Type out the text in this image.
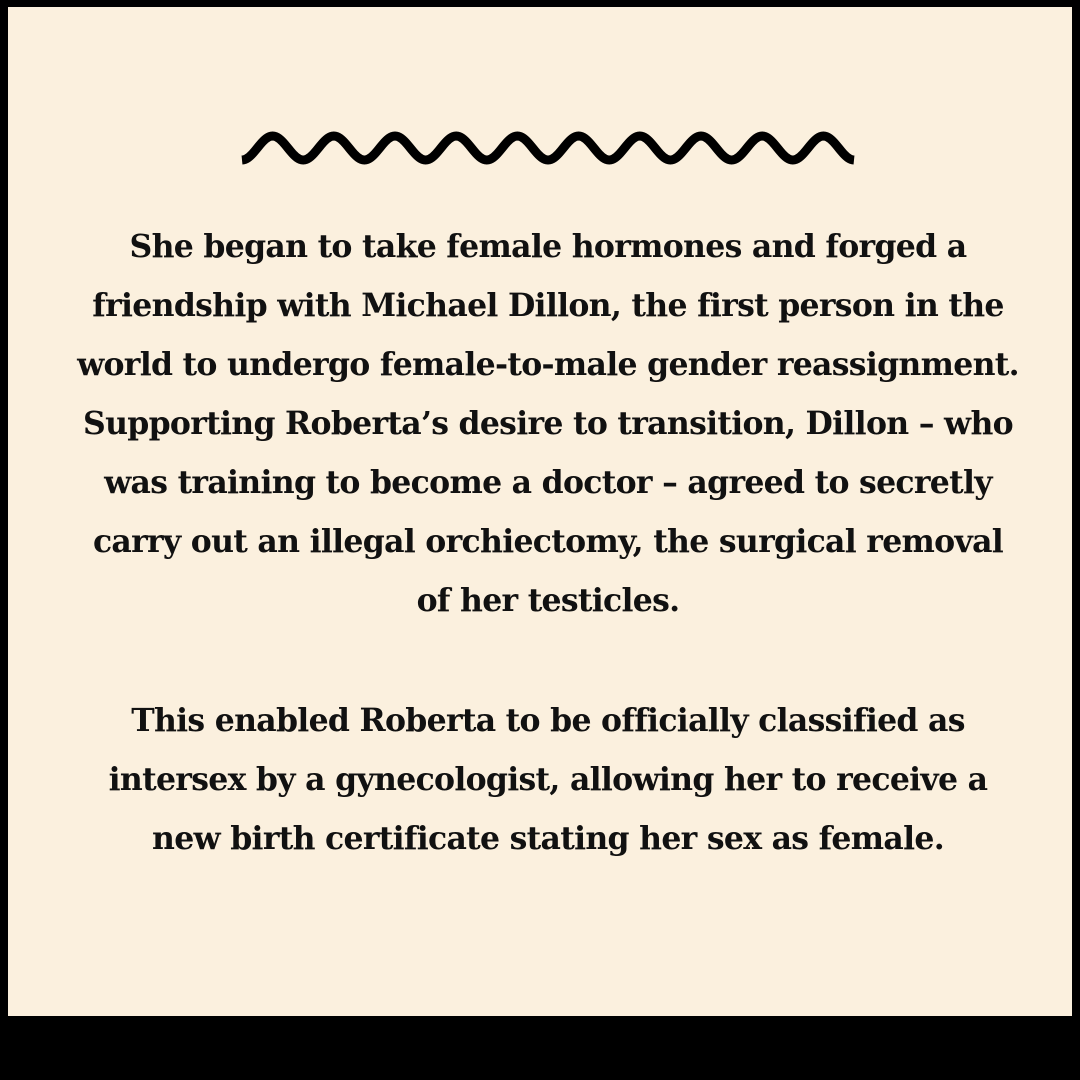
She began to take female hormones and forged a
friendship with Michael Dillon, the first person in the
world to undergo female-to-male gender reassignment.
Supporting Roberta’s desire to transition, Dillon – who
was training to become a doctor – agreed to secretly
carry out an illegal orchiectomy, the surgical removal
of her testicles.

This enabled Roberta to be officially classified as
intersex by a gynecologist, allowing her to receive a
new birth certificate stating her sex as female.
